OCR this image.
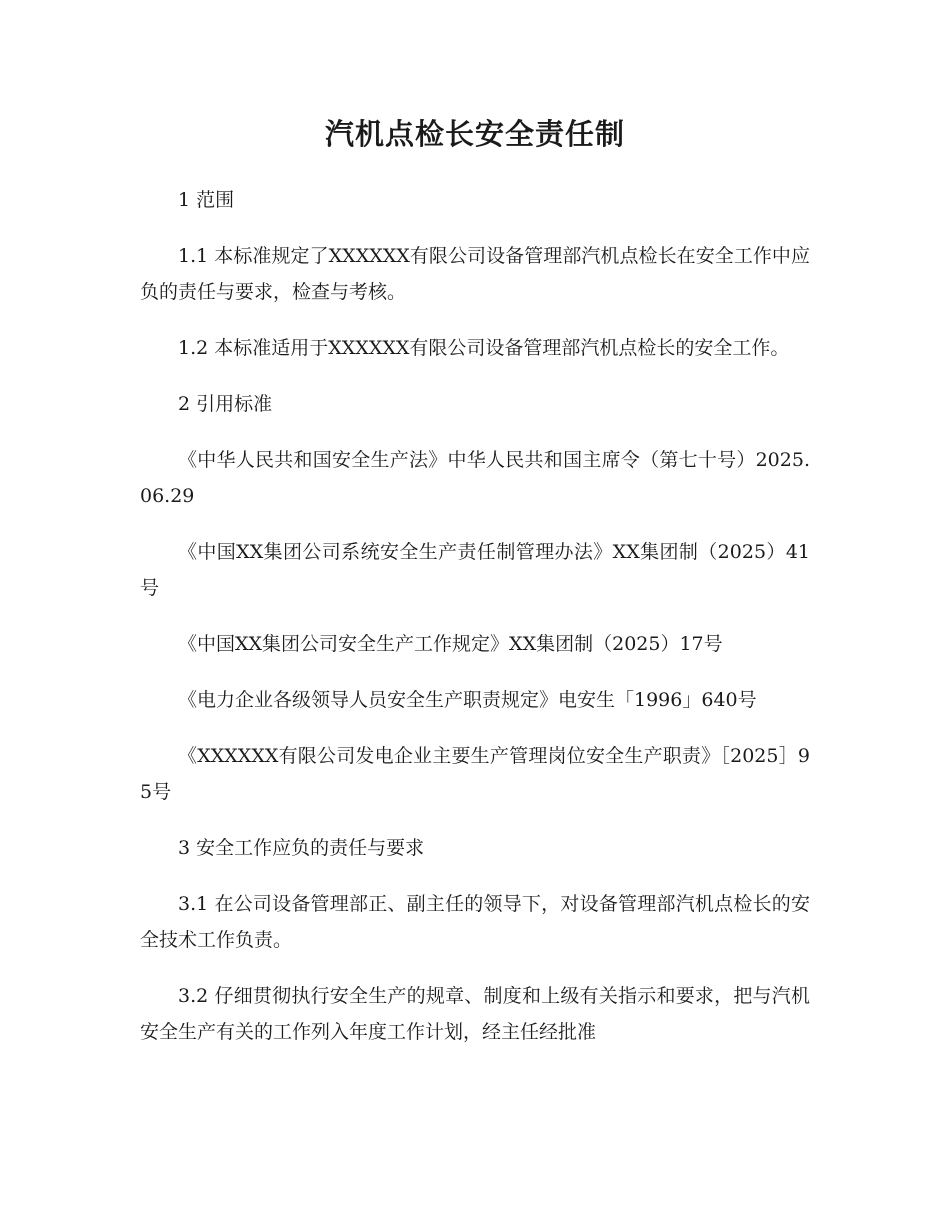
汽机点检长安全责任制

1 范围

1.1 本标准规定了XXXXXX有限公司设备管理部汽机点检长在安全工作中应负的责任与要求，检查与考核。

1.2 本标准适用于XXXXXX有限公司设备管理部汽机点检长的安全工作。

2 引用标准

《中华人民共和国安全生产法》中华人民共和国主席令（第七十号）2025.06.29

《中国XX集团公司系统安全生产责任制管理办法》XX集团制（2025）41号

《中国XX集团公司安全生产工作规定》XX集团制（2025）17号

《电力企业各级领导人员安全生产职责规定》电安生「1996」640号

《XXXXXX有限公司发电企业主要生产管理岗位安全生产职责》［2025］95号

3 安全工作应负的责任与要求

3.1 在公司设备管理部正、副主任的领导下，对设备管理部汽机点检长的安全技术工作负责。

3.2 仔细贯彻执行安全生产的规章、制度和上级有关指示和要求，把与汽机安全生产有关的工作列入年度工作计划，经主任经批准
